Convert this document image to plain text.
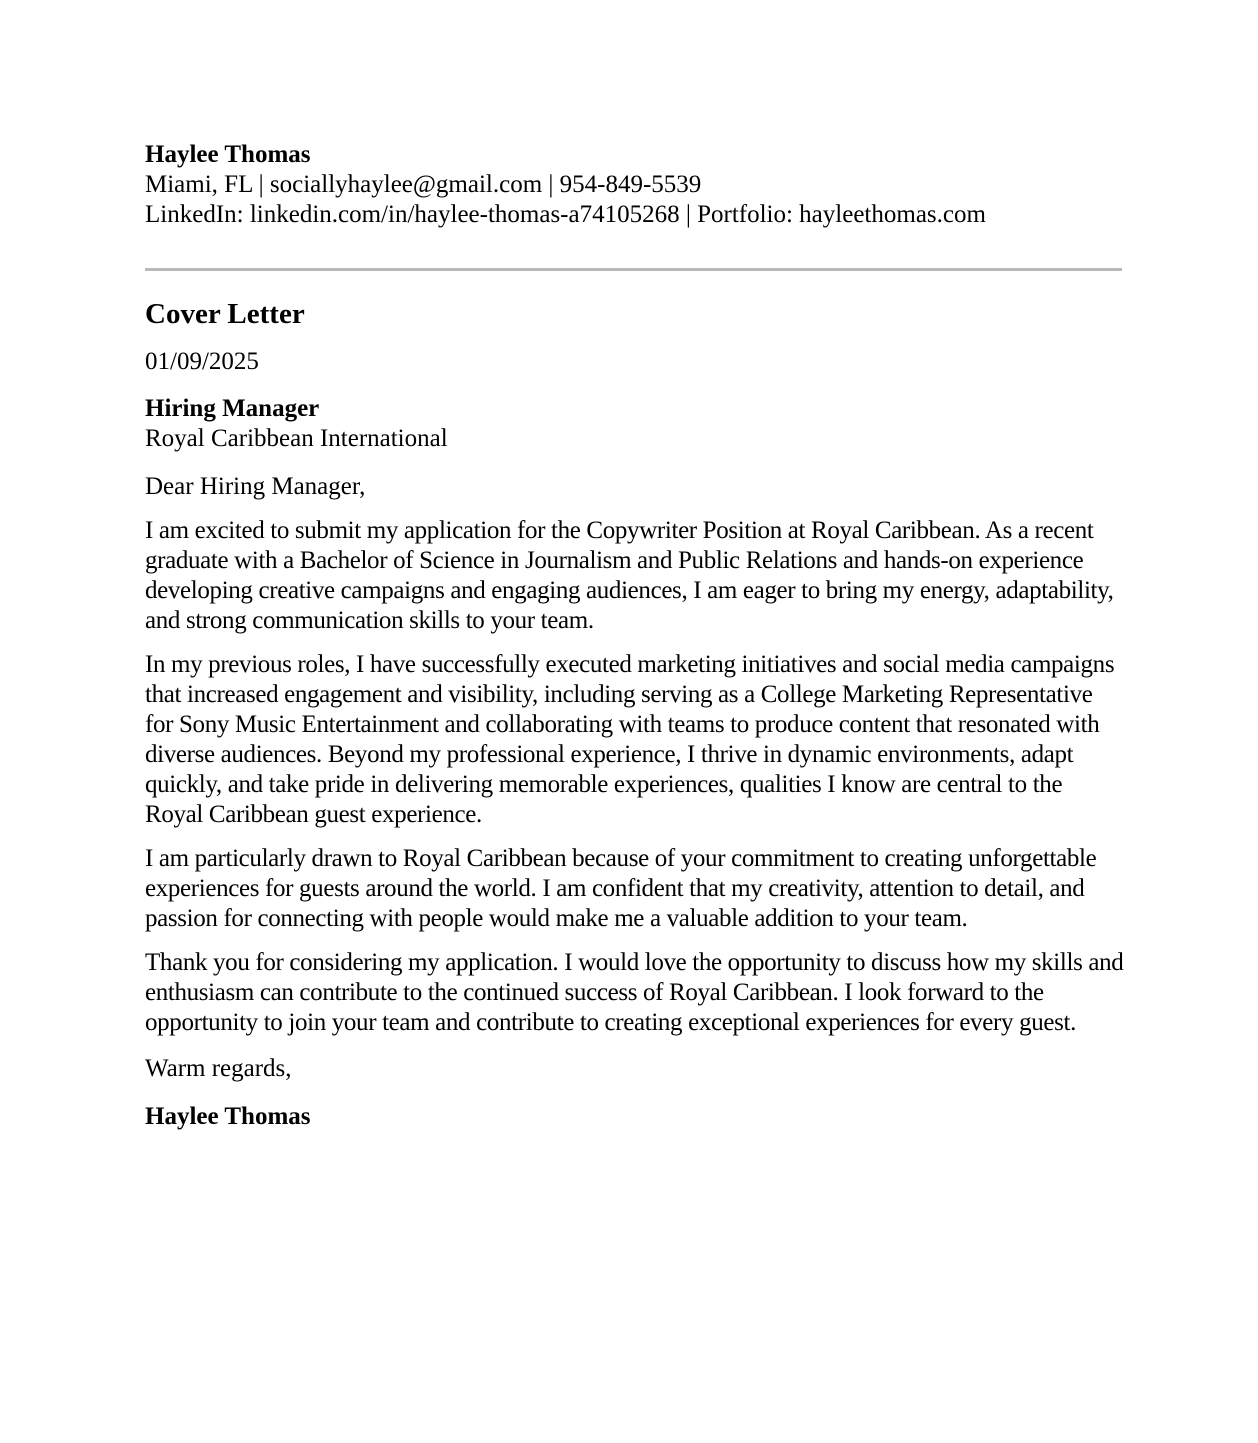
Haylee Thomas

Miami, FL | sociallyhaylee@gmail.com | 954-849-5539

LinkedIn: linkedin.com/in/haylee-thomas-a74105268 | Portfolio: hayleethomas.com

Cover Letter

01/09/2025

Hiring Manager
Royal Caribbean International

Dear Hiring Manager,

I am excited to submit my application for the Copywriter Position at Royal Caribbean. As a recent graduate with a Bachelor of Science in Journalism and Public Relations and hands-on experience developing creative campaigns and engaging audiences, I am eager to bring my energy, adaptability, and strong communication skills to your team.

In my previous roles, I have successfully executed marketing initiatives and social media campaigns that increased engagement and visibility, including serving as a College Marketing Representative for Sony Music Entertainment and collaborating with teams to produce content that resonated with diverse audiences. Beyond my professional experience, I thrive in dynamic environments, adapt quickly, and take pride in delivering memorable experiences, qualities I know are central to the Royal Caribbean guest experience.

I am particularly drawn to Royal Caribbean because of your commitment to creating unforgettable experiences for guests around the world. I am confident that my creativity, attention to detail, and passion for connecting with people would make me a valuable addition to your team.

Thank you for considering my application. I would love the opportunity to discuss how my skills and enthusiasm can contribute to the continued success of Royal Caribbean. I look forward to the opportunity to join your team and contribute to creating exceptional experiences for every guest.

Warm regards,

Haylee Thomas
